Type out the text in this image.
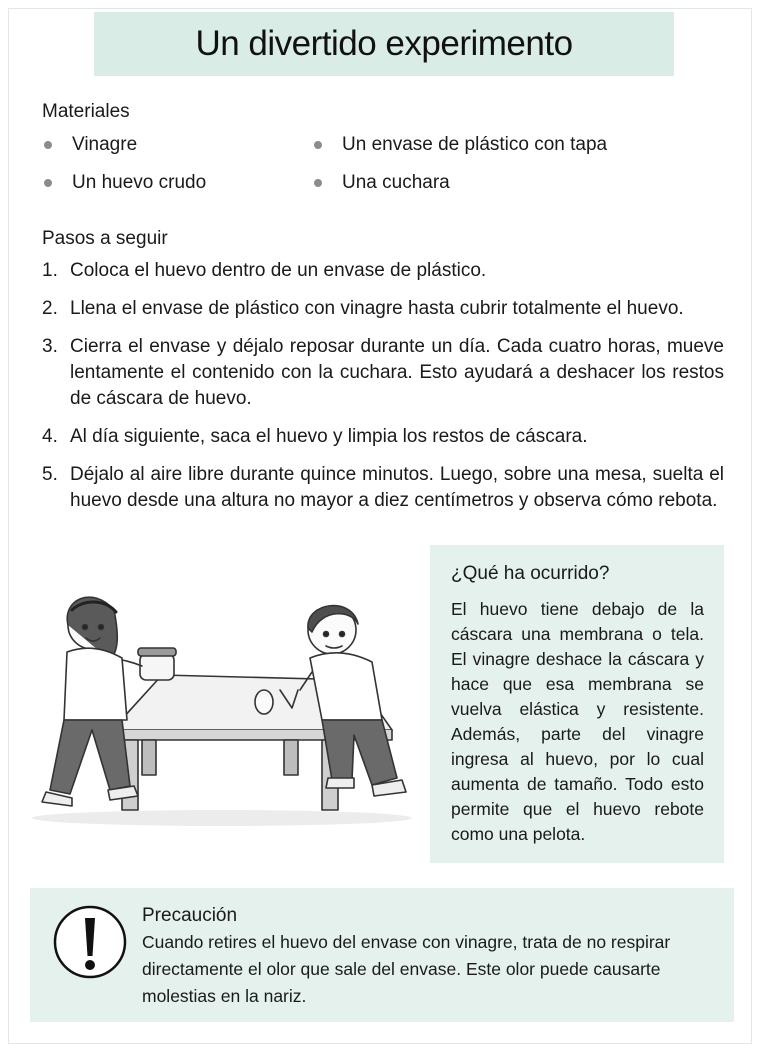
Un divertido experimento
Materiales
Vinagre	Un envase de plástico con tapa
Un huevo crudo	Una cuchara
Pasos a seguir
1. Coloca el huevo dentro de un envase de plástico.
2. Llena el envase de plástico con vinagre hasta cubrir totalmente el huevo.
3. Cierra el envase y déjalo reposar durante un día. Cada cuatro horas, mueve lentamente el contenido con la cuchara. Esto ayudará a deshacer los restos de cáscara de huevo.
4. Al día siguiente, saca el huevo y limpia los restos de cáscara.
5. Déjalo al aire libre durante quince minutos. Luego, sobre una mesa, suelta el huevo desde una altura no mayor a diez centímetros y observa cómo rebota.
¿Qué ha ocurrido?

El huevo tiene debajo de la cáscara una membrana o tela. El vinagre deshace la cáscara y hace que esa membrana se vuelva elástica y resistente. Además, parte del vinagre ingresa al huevo, por lo cual aumenta de tamaño. Todo esto permite que el huevo rebote como una pelota.

Precaución

Cuando retires el huevo del envase con vinagre, trata de no respirar directamente el olor que sale del envase. Este olor puede causarte molestias en la nariz.
